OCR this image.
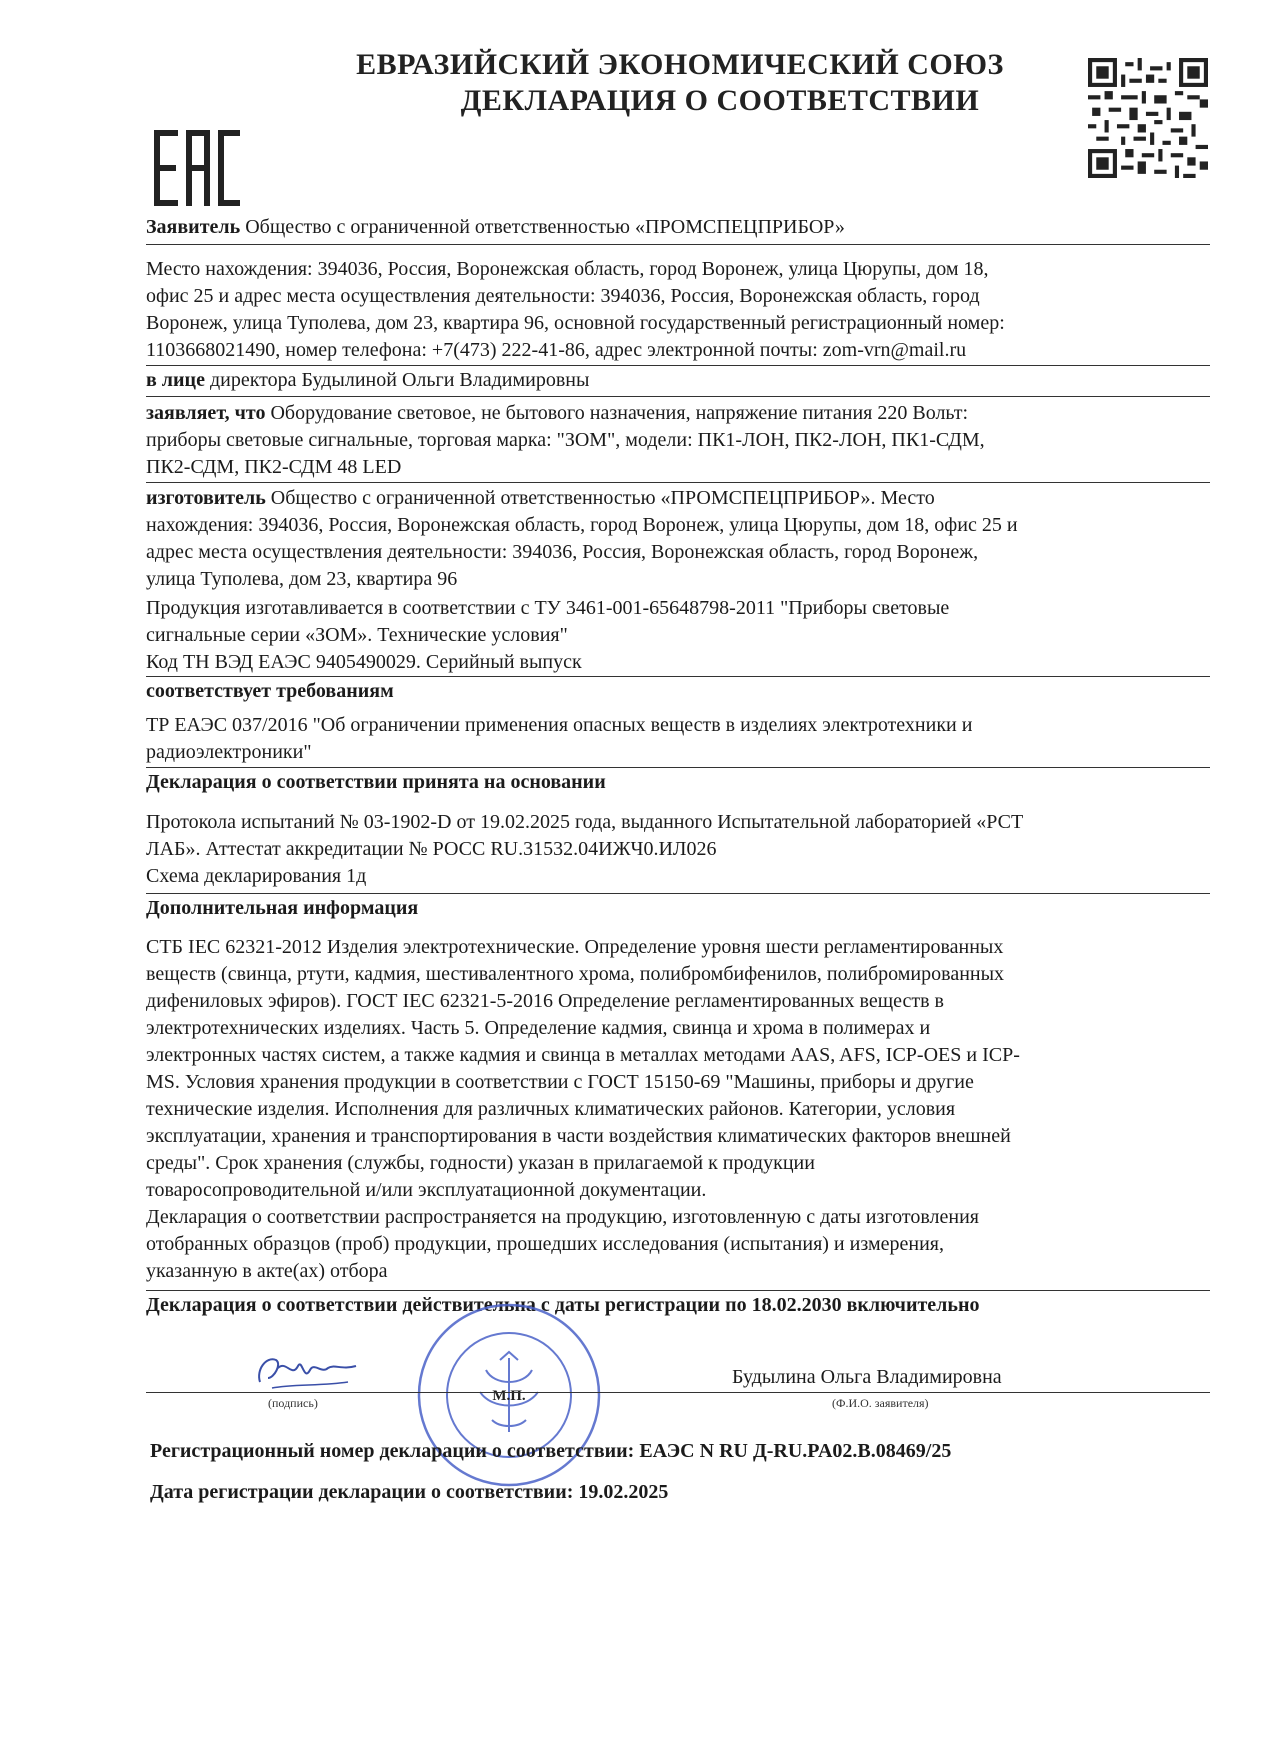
ЕВРАЗИЙСКИЙ ЭКОНОМИЧЕСКИЙ СОЮЗ
ДЕКЛАРАЦИЯ О СООТВЕТСТВИИ
Заявитель Общество с ограниченной ответственностью «ПРОМСПЕЦПРИБОР»
Место нахождения: 394036, Россия, Воронежская область, город Воронеж, улица Цюрупы, дом 18,
офис 25 и адрес места осуществления деятельности: 394036, Россия, Воронежская область, город
Воронеж, улица Туполева, дом 23, квартира 96, основной государственный регистрационный номер:
1103668021490, номер телефона: +7(473) 222-41-86, адрес электронной почты: zom-vrn@mail.ru
в лице директора Будылиной Ольги Владимировны
заявляет, что Оборудование световое, не бытового назначения, напряжение питания 220 Вольт:
приборы световые сигнальные, торговая марка: "ЗОМ", модели: ПК1-ЛОН, ПК2-ЛОН, ПК1-СДМ,
ПК2-СДМ, ПК2-СДМ 48 LED
изготовитель Общество с ограниченной ответственностью «ПРОМСПЕЦПРИБОР». Место
нахождения: 394036, Россия, Воронежская область, город Воронеж, улица Цюрупы, дом 18, офис 25 и
адрес места осуществления деятельности: 394036, Россия, Воронежская область, город Воронеж,
улица Туполева, дом 23, квартира 96
Продукция изготавливается в соответствии с ТУ 3461-001-65648798-2011 "Приборы световые
сигнальные серии «ЗОМ». Технические условия"
Код ТН ВЭД ЕАЭС 9405490029. Серийный выпуск
соответствует требованиям
ТР ЕАЭС 037/2016 "Об ограничении применения опасных веществ в изделиях электротехники и
радиоэлектроники"
Декларация о соответствии принята на основании
Протокола испытаний № 03-1902-D от 19.02.2025 года, выданного Испытательной лабораторией «РСТ
ЛАБ». Аттестат аккредитации № РОСС RU.31532.04ИЖЧ0.ИЛ026
Схема декларирования 1д
Дополнительная информация
СТБ IEC 62321-2012 Изделия электротехнические. Определение уровня шести регламентированных
веществ (свинца, ртути, кадмия, шестивалентного хрома, полибромбифенилов, полибромированных
дифениловых эфиров). ГОСТ IEC 62321-5-2016 Определение регламентированных веществ в
электротехнических изделиях. Часть 5. Определение кадмия, свинца и хрома в полимерах и
электронных частях систем, а также кадмия и свинца в металлах методами AAS, AFS, ICP-OES и ICP-
MS. Условия хранения продукции в соответствии с ГОСТ 15150-69 "Машины, приборы и другие
технические изделия. Исполнения для различных климатических районов. Категории, условия
эксплуатации, хранения и транспортирования в части воздействия климатических факторов внешней
среды". Срок хранения (службы, годности) указан в прилагаемой к продукции
товаросопроводительной и/или эксплуатационной документации.
Декларация о соответствии распространяется на продукцию, изготовленную с даты изготовления
отобранных образцов (проб) продукции, прошедших исследования (испытания) и измерения,
указанную в акте(ах) отбора
Декларация о соответствии действительна с даты регистрации по 18.02.2030 включительно
(подпись)	М.П.
Будылина Ольга Владимировна
(Ф.И.О. заявителя)
Регистрационный номер декларации о соответствии: ЕАЭС N RU Д-RU.PA02.B.08469/25
Дата регистрации декларации о соответствии: 19.02.2025
